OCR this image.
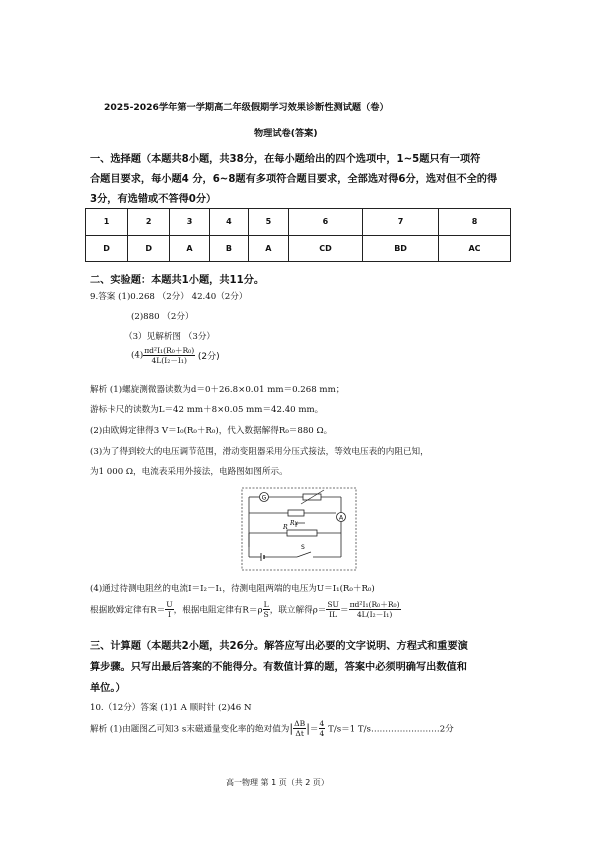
2025-2026学年第一学期高二年级假期学习效果诊断性测试题（卷）
物理试卷(答案)
一、选择题（本题共8小题，共38分，在每小题给出的四个选项中，1~5题只有一项符
合题目要求，每小题4 分，6~8题有多项符合题目要求，全部选对得6分，选对但不全的得
3分，有选错或不答得0分）
1	2	3	4	5	6	7	8
D	D	A	B	A	CD	BD	AC
二、实验题：本题共1小题，共11分。
9.答案 (1)0.268 （2分） 42.40（2分）
(2)880 （2分）
（3）见解析图 （3分）
$(4) \frac{\text{πd²I₁(R₀＋R₀)}}{\text{4L(I₂－I₁)}} (2$分)
解析 (1)螺旋测微器读数为d＝0＋26.8×0.01 mm＝0.268 mm；
游标卡尺的读数为L＝42 mm＋8×0.05 mm＝42.40 mm。
(2)由欧姆定律得3 V＝I₀(R₀＋R₀)，代入数据解得R₀＝880 Ω。
(3)为了得到较大的电压调节范围，滑动变阻器采用分压式接法，等效电压表的内阻已知，
为1 000 Ω，电流表采用外接法，电路图如图所示。
G
Rx
A
R
S
(4)通过待测电阻丝的电流I＝I₂－I₁，待测电阻两端的电压为U＝I₁(R₀＋R₀)
根据欧姆定律有$R= \frac{U}{I}$ ，根据电阻定律有$R=\rho \frac{L}{S}$ ，联立解得$\rho= \frac{SU}{IL} = \frac{\text{πd²I₁(R₀＋R₀)}}{\text{4L(I₂－I₁)}}$
三、计算题（本题共2小题，共26分。解答应写出必要的文字说明、方程式和重要演
算步骤。只写出最后答案的不能得分。有数值计算的题，答案中必须明确写出数值和
单位。）
10.（12分）答案 (1)1 A 顺时针 (2)46 N
解析 (1)由题图乙可知3 s末磁通量变化率的绝对值为| $\frac{\Delta B}{\Delta t}$ |＝ $\frac{4}{4} T/s=1$ T/s……………………2分
高一物理 第 1 页（共 2 页）
